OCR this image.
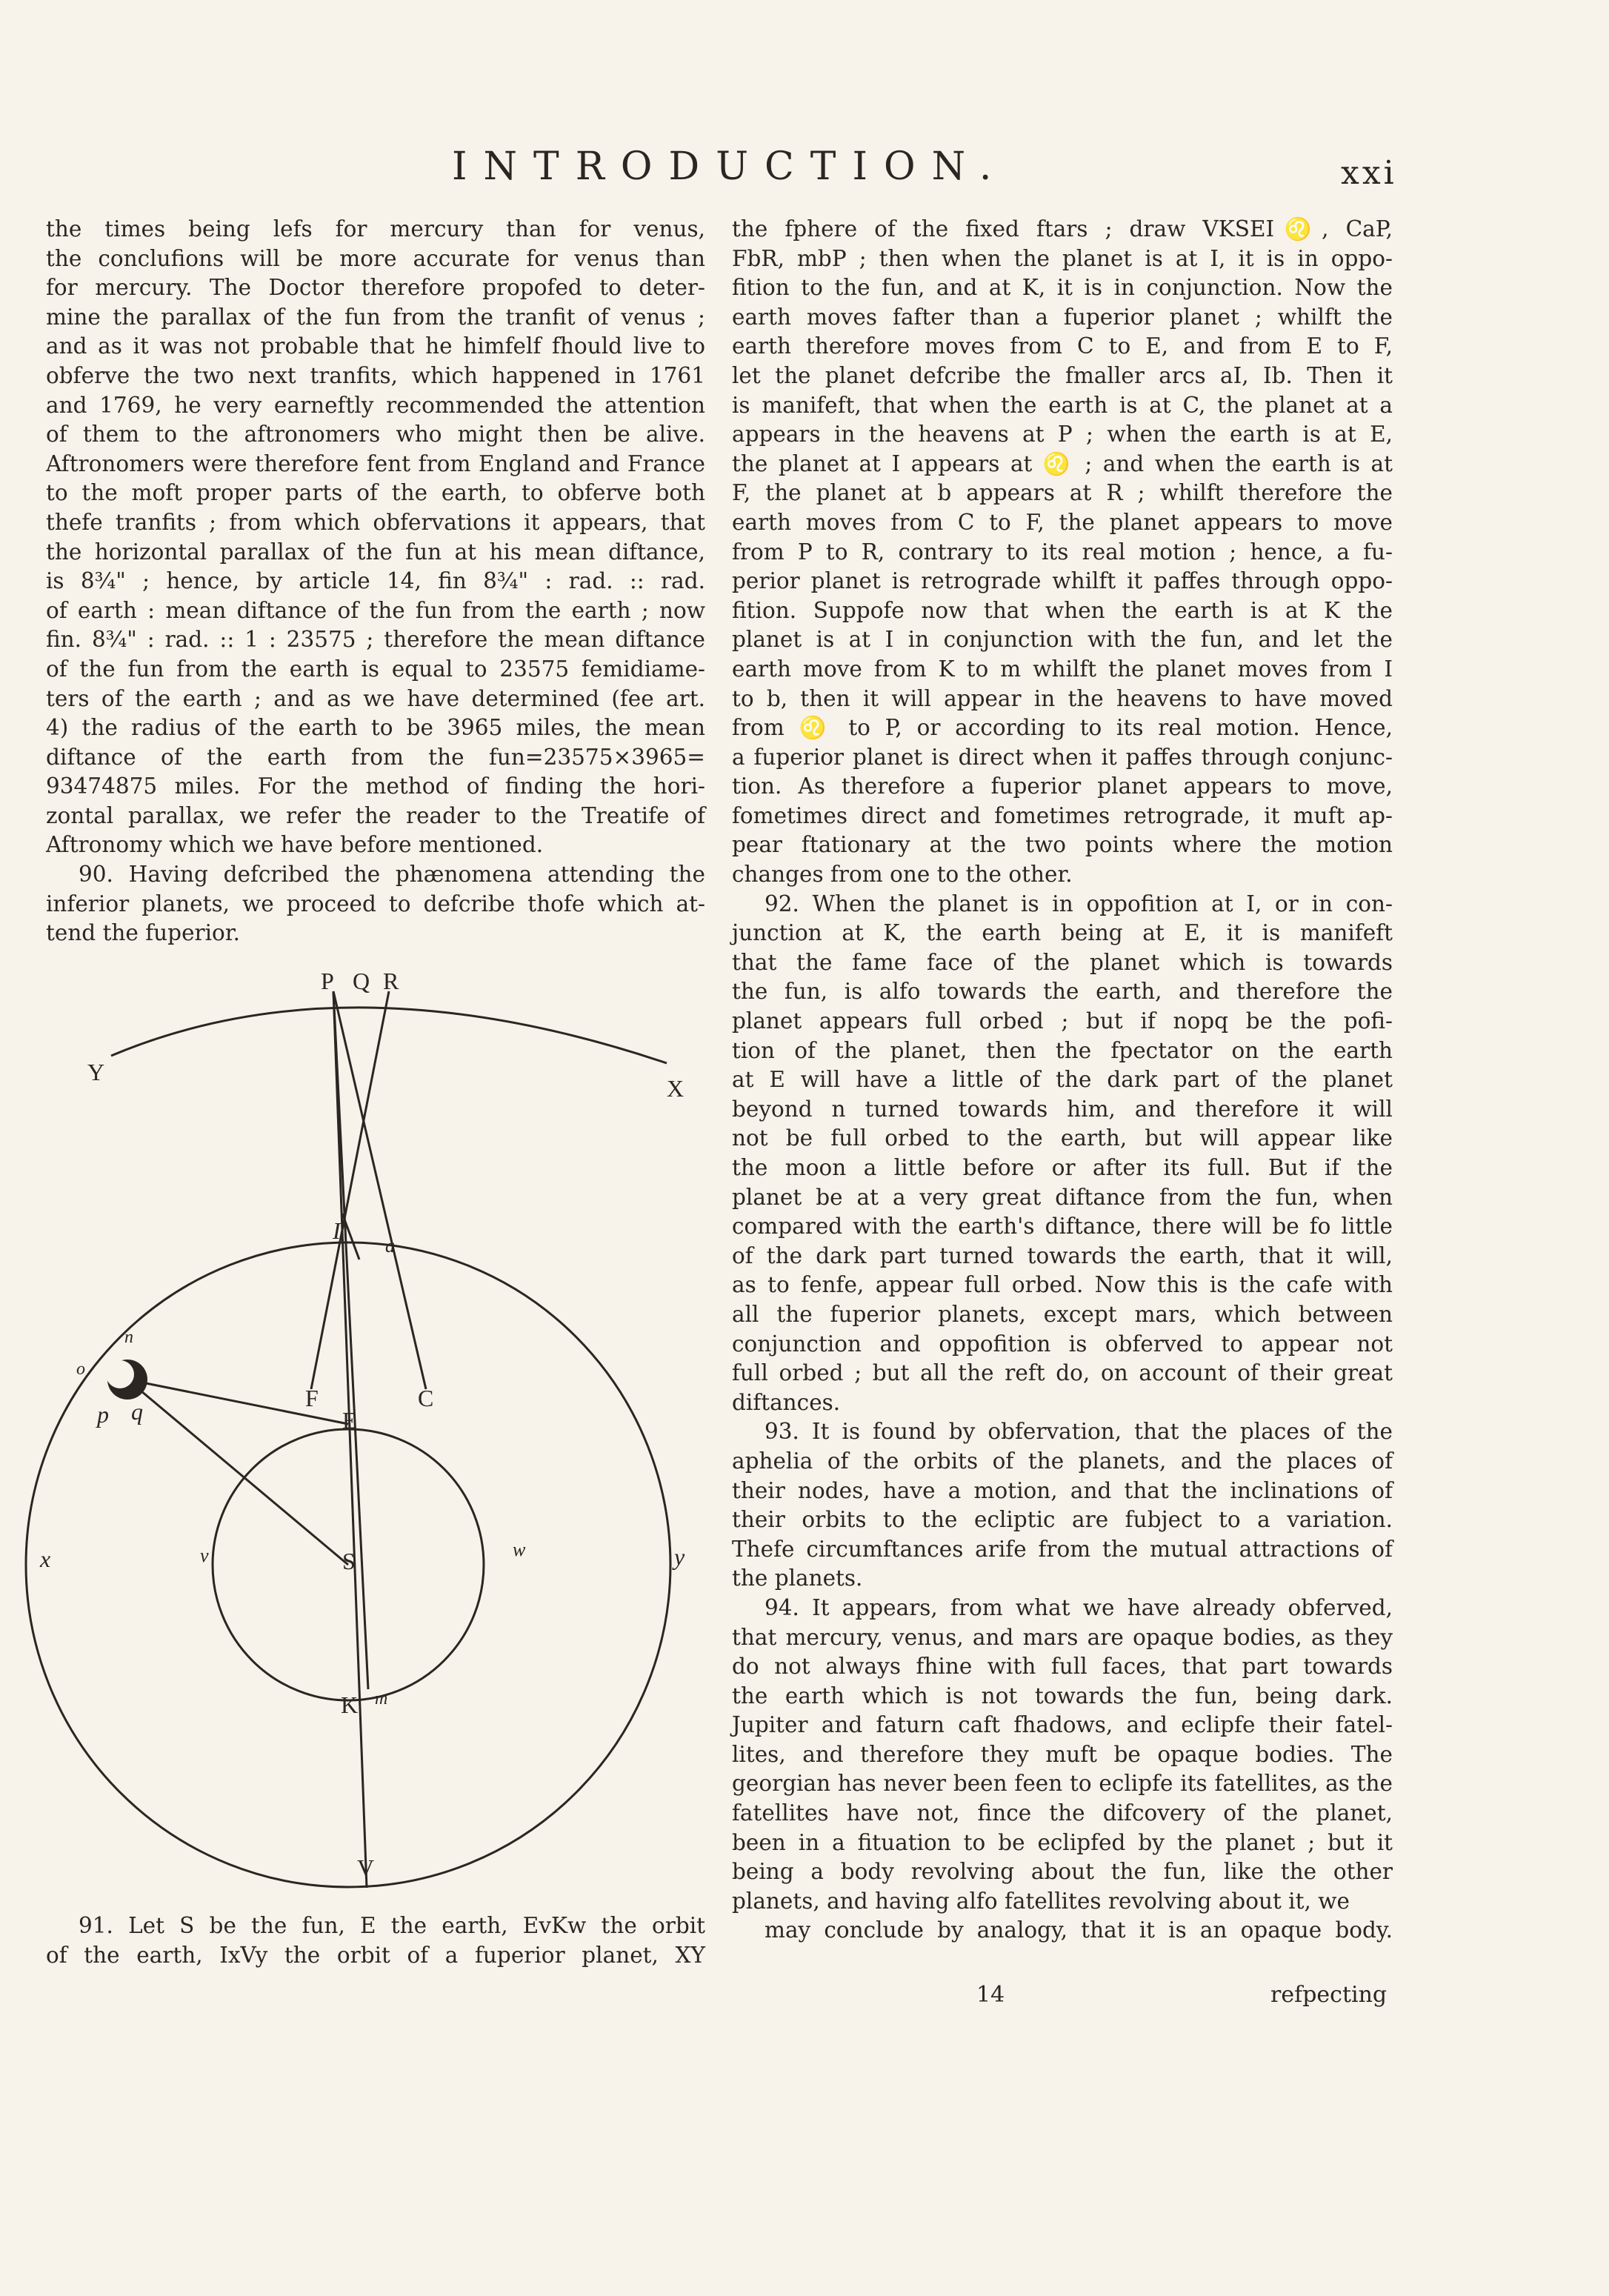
INTRODUCTION.	xxi

the times being lefs for mercury than for venus,

the conclufions will be more accurate for venus than

for mercury. The Doctor therefore propofed to deter-

mine the parallax of the fun from the tranfit of venus ;

and as it was not probable that he himfelf fhould live to

obferve the two next tranfits, which happened in 1761

and 1769, he very earneftly recommended the attention

of them to the aftronomers who might then be alive.

Aftronomers were therefore fent from England and France

to the moft proper parts of the earth, to obferve both

thefe tranfits ; from which obfervations it appears, that

the horizontal parallax of the fun at his mean diftance,

is 8¾" ; hence, by article 14, fin 8¾" : rad. :: rad.

of earth : mean diftance of the fun from the earth ; now

fin. 8¾" : rad. :: 1 : 23575 ; therefore the mean diftance

of the fun from the earth is equal to 23575 femidiame-

ters of the earth ; and as we have determined (fee art.

4) the radius of the earth to be 3965 miles, the mean

diftance of the earth from the fun=23575×3965=

93474875 miles. For the method of finding the hori-

zontal parallax, we refer the reader to the Treatife of

Aftronomy which we have before mentioned.

90. Having defcribed the phænomena attending the

inferior planets, we proceed to defcribe thofe which at-

tend the fuperior.

P Q R
Y
X
I
a
F
E
C
n
o
p q
x	v	S	w	y
K m
V

91. Let S be the fun, E the earth, EvKw the orbit

of the earth, IxVy the orbit of a fuperior planet, XY

the fphere of the fixed ftars ; draw VKSEI♌, CaP,

FbR, mbP ; then when the planet is at I, it is in oppo-

fition to the fun, and at K, it is in conjunction. Now the

earth moves fafter than a fuperior planet ; whilft the

earth therefore moves from C to E, and from E to F,

let the planet defcribe the fmaller arcs aI, Ib. Then it

is manifeft, that when the earth is at C, the planet at a

appears in the heavens at P ; when the earth is at E,

the planet at I appears at ♌ ; and when the earth is at

F, the planet at b appears at R ; whilft therefore the

earth moves from C to F, the planet appears to move

from P to R, contrary to its real motion ; hence, a fu-

perior planet is retrograde whilft it paffes through oppo-

fition. Suppofe now that when the earth is at K the

planet is at I in conjunction with the fun, and let the

earth move from K to m whilft the planet moves from I

to b, then it will appear in the heavens to have moved

from ♌ to P, or according to its real motion. Hence,

a fuperior planet is direct when it paffes through conjunc-

tion. As therefore a fuperior planet appears to move,

fometimes direct and fometimes retrograde, it muft ap-

pear ftationary at the two points where the motion

changes from one to the other.

92. When the planet is in oppofition at I, or in con-

junction at K, the earth being at E, it is manifeft

that the fame face of the planet which is towards

the fun, is alfo towards the earth, and therefore the

planet appears full orbed ; but if nopq be the pofi-

tion of the planet, then the fpectator on the earth

at E will have a little of the dark part of the planet

beyond n turned towards him, and therefore it will

not be full orbed to the earth, but will appear like

the moon a little before or after its full. But if the

planet be at a very great diftance from the fun, when

compared with the earth's diftance, there will be fo little

of the dark part turned towards the earth, that it will,

as to fenfe, appear full orbed. Now this is the cafe with

all the fuperior planets, except mars, which between

conjunction and oppofition is obferved to appear not

full orbed ; but all the reft do, on account of their great

diftances.

93. It is found by obfervation, that the places of the

aphelia of the orbits of the planets, and the places of

their nodes, have a motion, and that the inclinations of

their orbits to the ecliptic are fubject to a variation.

Thefe circumftances arife from the mutual attractions of

the planets.

94. It appears, from what we have already obferved,

that mercury, venus, and mars are opaque bodies, as they

do not always fhine with full faces, that part towards

the earth which is not towards the fun, being dark.

Jupiter and faturn caft fhadows, and eclipfe their fatel-

lites, and therefore they muft be opaque bodies. The

georgian has never been feen to eclipfe its fatellites, as the

fatellites have not, fince the difcovery of the planet,

been in a fituation to be eclipfed by the planet ; but it

being a body revolving about the fun, like the other

planets, and having alfo fatellites revolving about it, we

may conclude by analogy, that it is an opaque body.

14	refpecting
